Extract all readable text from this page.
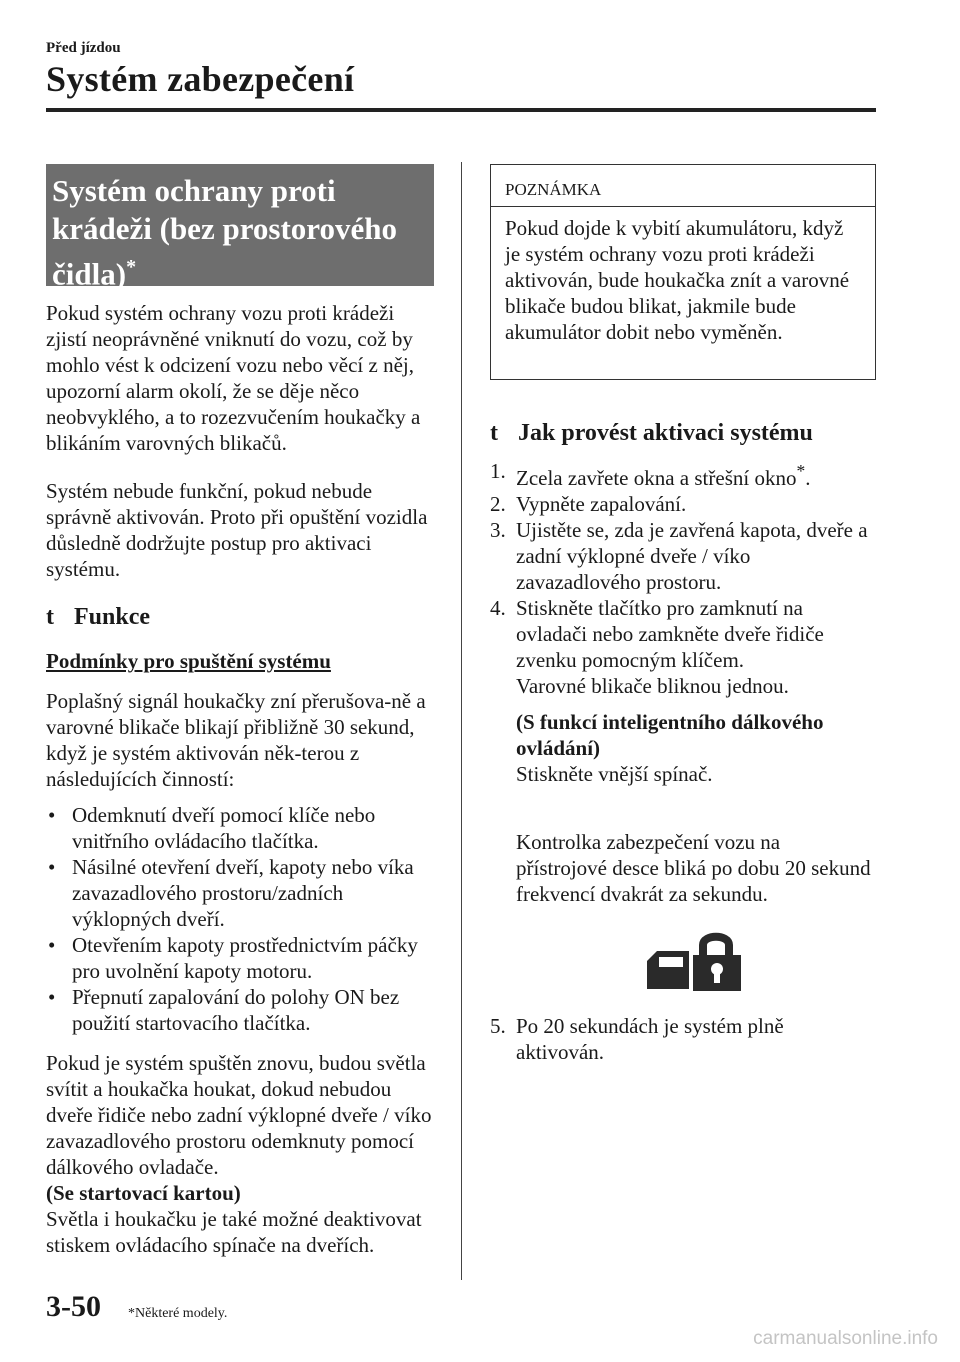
Před jízdou
Systém zabezpečení
Systém ochrany proti
krádeži (bez prostorového
čidla)*

Pokud systém ochrany vozu proti krádeži zjistí neoprávněné vniknutí do vozu, což by mohlo vést k odcizení vozu nebo věcí z něj, upozorní alarm okolí, že se děje něco neobvyklého, a to rozezvučením houkačky a blikáním varovných blikačů.

Systém nebude funkční, pokud nebude správně aktivován. Proto při opuštění vozidla důsledně dodržujte postup pro aktivaci systému.

t Funkce

Podmínky pro spuštění systému

Poplašný signál houkačky zní přerušova-ně a varovné blikače blikají přibližně 30 sekund, když je systém aktivován něk-terou z následujících činností:

• Odemknutí dveří pomocí klíče nebo vnitřního ovládacího tlačítka.
• Násilné otevření dveří, kapoty nebo víka zavazadlového prostoru/zadních výklopných dveří.
• Otevřením kapoty prostřednictvím páčky pro uvolnění kapoty motoru.
• Přepnutí zapalování do polohy ON bez použití startovacího tlačítka.

Pokud je systém spuštěn znovu, budou světla svítit a houkačka houkat, dokud nebudou dveře řidiče nebo zadní výklopné dveře / víko zavazadlového prostoru odemknuty pomocí dálkového ovladače.

(Se startovací kartou)

Světla i houkačku je také možné deaktivovat stiskem ovládacího spínače na dveřích.

POZNÁMKA
Pokud dojde k vybití akumulátoru, když je systém ochrany vozu proti krádeži aktivován, bude houkačka znít a varovné blikače budou blikat, jakmile bude akumulátor dobit nebo vyměněn.
t Jak provést aktivaci systému
1. Zcela zavřete okna a střešní okno*.
2. Vypněte zapalování.
3. Ujistěte se, zda je zavřená kapota, dveře a zadní výklopné dveře / víko zavazadlového prostoru.
4. Stiskněte tlačítko pro zamknutí na ovladači nebo zamkněte dveře řidiče zvenku pomocným klíčem.
Varovné blikače bliknou jednou.

(S funkcí inteligentního dálkového ovládání)

Stiskněte vnější spínač.

Kontrolka zabezpečení vozu na přístrojové desce bliká po dobu 20 sekund frekvencí dvakrát za sekundu.

5. Po 20 sekundách je systém plně aktivován.
3-50 *Některé modely.
carmanualsonline.info
